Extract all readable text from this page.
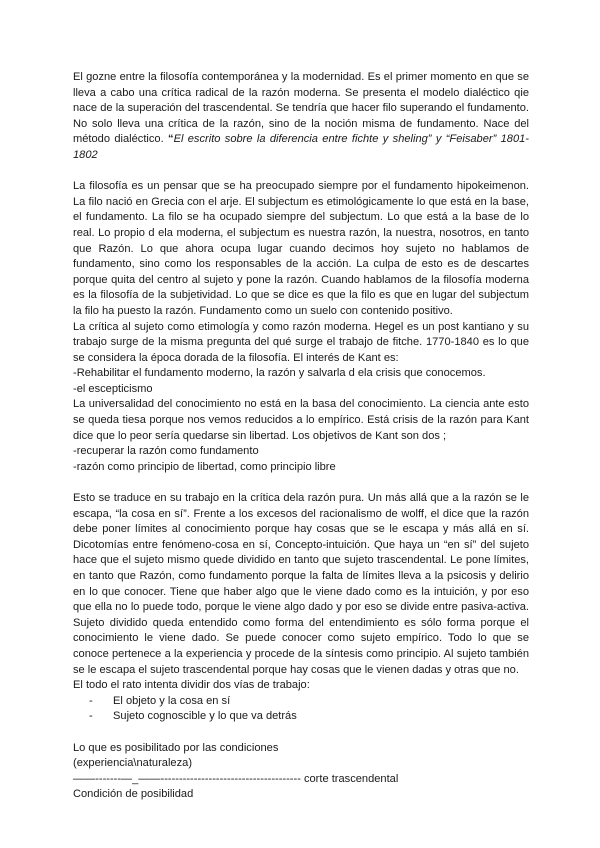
El gozne entre la filosofía contemporánea y la modernidad. Es el primer momento en que se lleva a cabo una crítica radical de la razón moderna. Se presenta el modelo dialéctico qie nace de la superación del trascendental. Se tendría que hacer filo superando el fundamento. No solo lleva una crítica de la razón, sino de la noción misma de fundamento. Nace del método dialéctico. “El escrito sobre la diferencia entre fichte y sheling” y “Feisaber” 1801-1802

La filosofía es un pensar que se ha preocupado siempre por el fundamento hipokeimenon. La filo nació en Grecia con el arje. El subjectum es etimológicamente lo que está en la base, el fundamento. La filo se ha ocupado siempre del subjectum. Lo que está a la base de lo real. Lo propio d ela moderna, el subjectum es nuestra razón, la nuestra, nosotros, en tanto que Razón. Lo que ahora ocupa lugar cuando decimos hoy sujeto no hablamos de fundamento, sino como los responsables de la acción. La culpa de esto es de descartes porque quita del centro al sujeto y pone la razón. Cuando hablamos de la filosofía moderna es la filosofía de la subjetividad. Lo que se dice es que la filo es que en lugar del subjectum la filo ha puesto la razón. Fundamento como un suelo con contenido positivo.

La crítica al sujeto como etimología y como razón moderna. Hegel es un post kantiano y su trabajo surge de la misma pregunta del qué surge el trabajo de fitche. 1770-1840 es lo que se considera la época dorada de la filosofía. El interés de Kant es:

-Rehabilitar el fundamento moderno, la razón y salvarla d ela crisis que conocemos.

-el escepticismo

La universalidad del conocimiento no está en la basa del conocimiento. La ciencia ante esto se queda tiesa porque nos vemos reducidos a lo empírico. Está crisis de la razón para Kant dice que lo peor sería quedarse sin libertad. Los objetivos de Kant son dos ;

-recuperar la razón como fundamento

-razón como principio de libertad, como principio libre

Esto se traduce en su trabajo en la crítica dela razón pura. Un más allá que a la razón se le escapa, “la cosa en sí”. Frente a los excesos del racionalismo de wolff, el dice que la razón debe poner límites al conocimiento porque hay cosas que se le escapa y más allá en sí. Dicotomías entre fenómeno-cosa en sí, Concepto-intuición. Que haya un “en sí” del sujeto hace que el sujeto mismo quede dividido en tanto que sujeto trascendental. Le pone límites, en tanto que Razón, como fundamento porque la falta de límites lleva a la psicosis y delirio en lo que conocer. Tiene que haber algo que le viene dado como es la intuición, y por eso que ella no lo puede todo, porque le viene algo dado y por eso se divide entre pasiva-activa. Sujeto dividido queda entendido como forma del entendimiento es sólo forma porque el conocimiento le viene dado. Se puede conocer como sujeto empírico. Todo lo que se conoce pertenece a la experiencia y procede de la síntesis como principio. Al sujeto también se le escapa el sujeto trascendental porque hay cosas que le vienen dadas y otras que no.

El todo el rato intenta dividir dos vías de trabajo:

- El objeto y la cosa en sí
- Sujeto cognoscible y lo que va detrás

Lo que es posibilitado por las condiciones

(experiencia\naturaleza)

——-------—_——-------------------------------------- corte trascendental

Condición de posibilidad
